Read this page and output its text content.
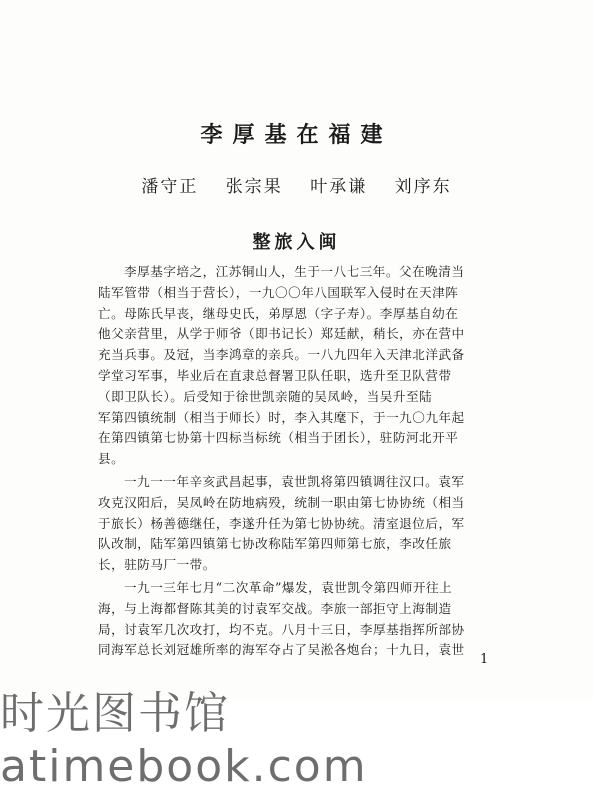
李厚基在福建
潘守正 张宗果 叶承谦 刘序东
整旅入闽
李厚基字培之，江苏铜山人，生于一八七三年。父在晚清当
陆军管带（相当于营长），一九〇〇年八国联军入侵时在天津阵
亡。母陈氏早丧，继母史氏，弟厚恩（字子寿）。李厚基自幼在
他父亲营里，从学于师爷（即书记长）郑廷献，稍长，亦在营中
充当兵事。及冠，当李鸿章的亲兵。一八九四年入天津北洋武备
学堂习军事，毕业后在直隶总督署卫队任职，选升至卫队营带
（即卫队长）。后受知于徐世凯亲随的吴凤岭，当吴升至陆
军第四镇统制（相当于师长）时，李入其麾下，于一九〇九年起
在第四镇第七协第十四标当标统（相当于团长），驻防河北开平
县。
一九一一年辛亥武昌起事，袁世凯将第四镇调往汉口。袁军
攻克汉阳后，吴凤岭在防地病殁，统制一职由第七协协统（相当
于旅长）杨善德继任，李遂升任为第七协协统。清室退位后，军
队改制，陆军第四镇第七协改称陆军第四师第七旅，李改任旅
长，驻防马厂一带。
一九一三年七月“二次革命”爆发，袁世凯令第四师开往上
海，与上海都督陈其美的讨袁军交战。李旅一部拒守上海制造
局，讨袁军几次攻打，均不克。八月十三日，李厚基指挥所部协
同海军总长刘冠雄所率的海军夺占了吴淞各炮台；十九日，袁世
1
时光图书馆atimebook.com
